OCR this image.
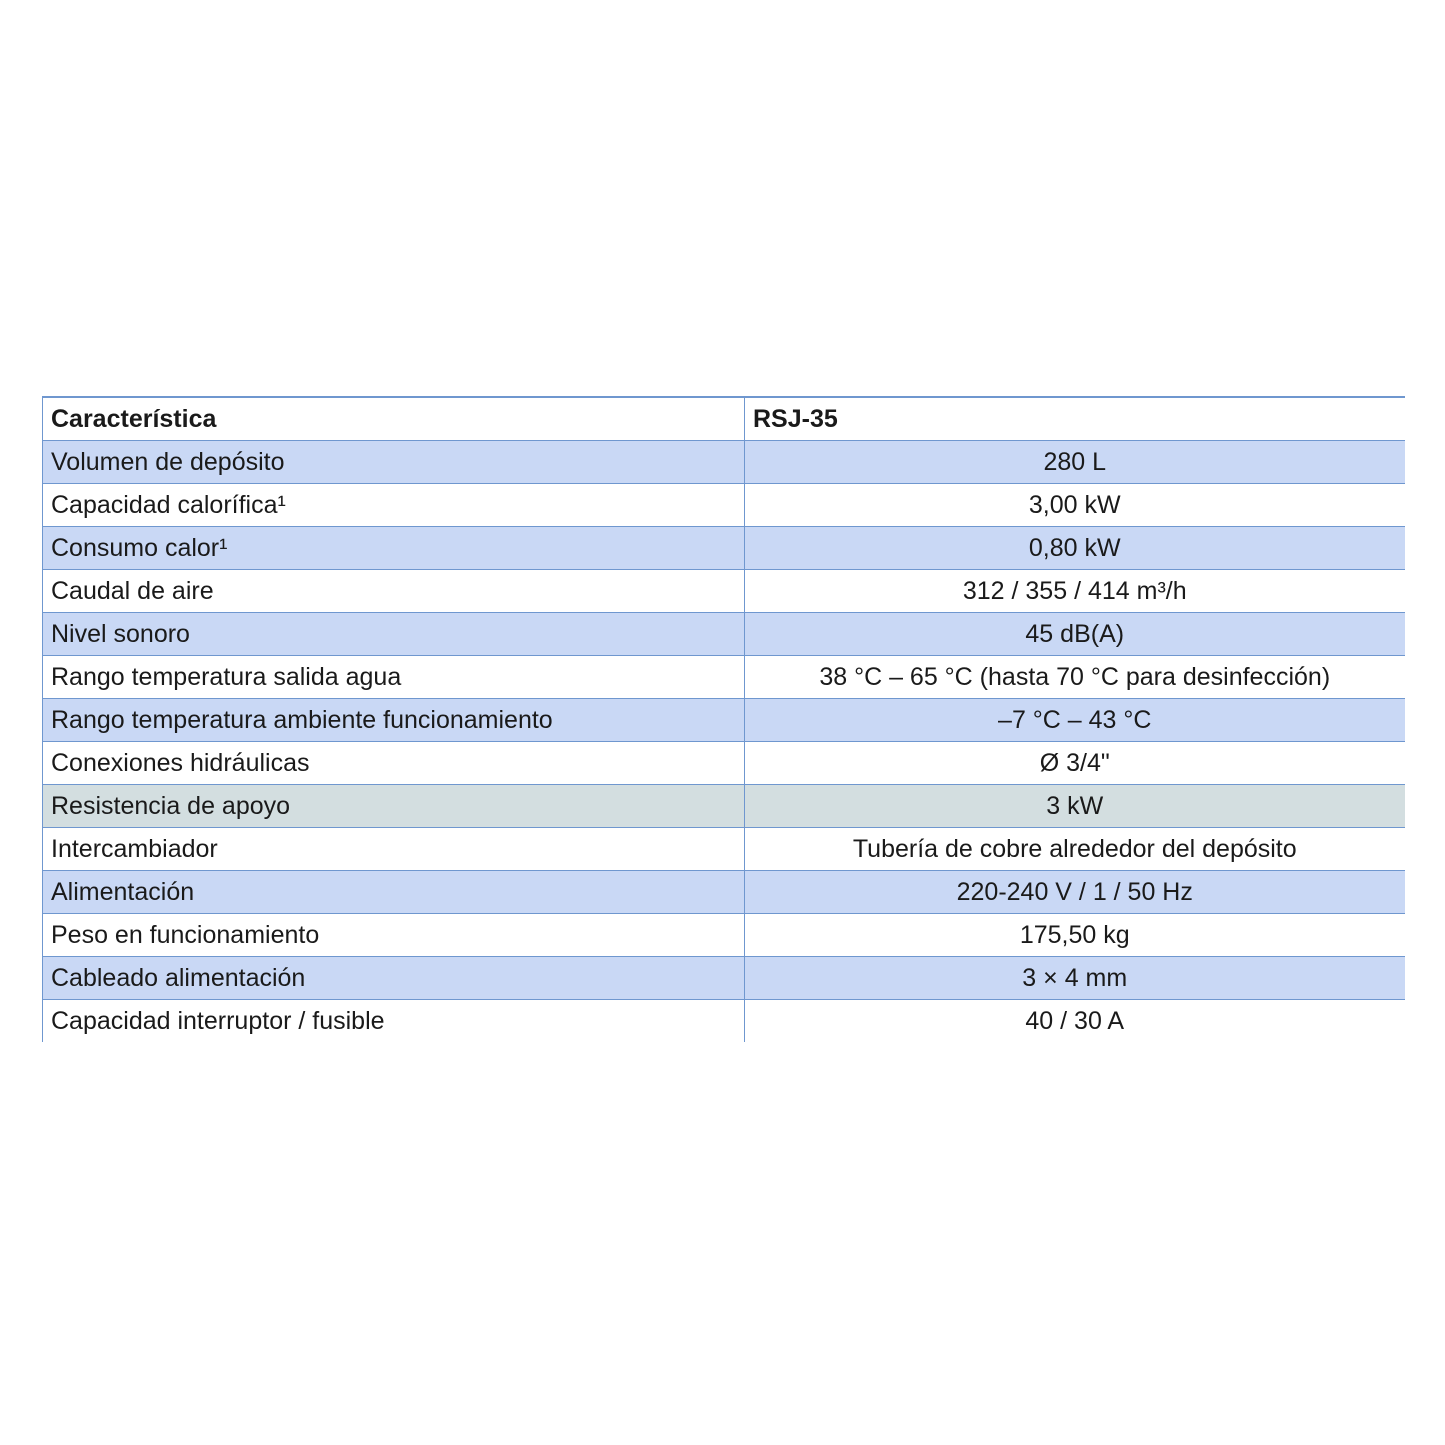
Característica	RSJ-35
Volumen de depósito	280 L
Capacidad calorífica¹	3,00 kW
Consumo calor¹	0,80 kW
Caudal de aire	312 / 355 / 414 m³/h
Nivel sonoro	45 dB(A)
Rango temperatura salida agua	38 °C – 65 °C (hasta 70 °C para desinfección)
Rango temperatura ambiente funcionamiento	–7 °C – 43 °C
Conexiones hidráulicas	Ø 3/4"
Resistencia de apoyo	3 kW
Intercambiador	Tubería de cobre alrededor del depósito
Alimentación	220-240 V / 1 / 50 Hz
Peso en funcionamiento	175,50 kg
Cableado alimentación	3 × 4 mm
Capacidad interruptor / fusible	40 / 30 A
